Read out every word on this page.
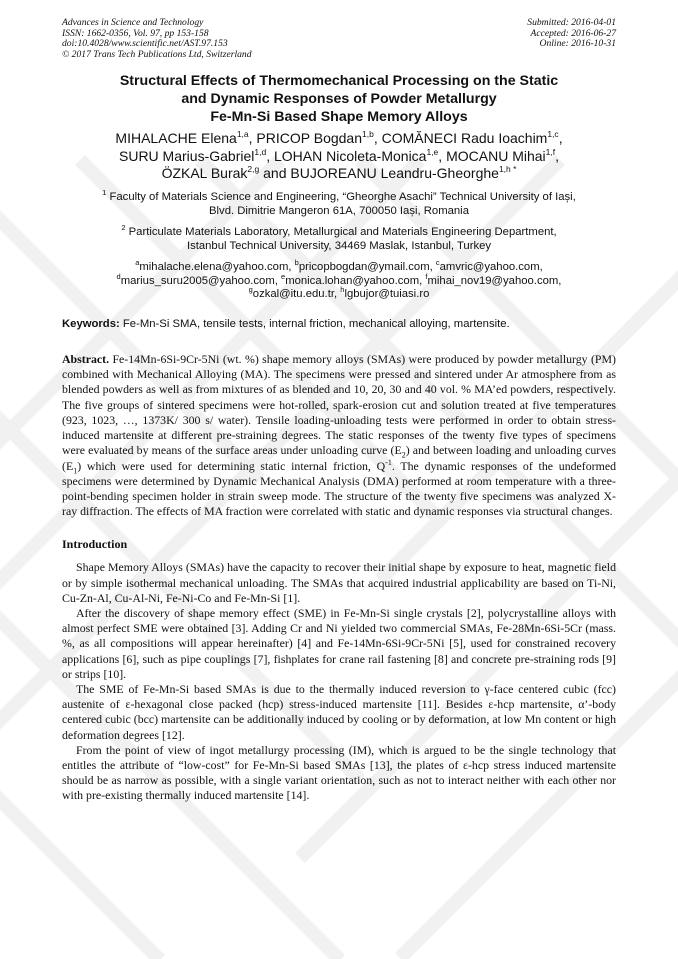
Advances in Science and Technology
ISSN: 1662-0356, Vol. 97, pp 153-158
doi:10.4028/www.scientific.net/AST.97.153
© 2017 Trans Tech Publications Ltd, Switzerland
Submitted: 2016-04-01
Accepted: 2016-06-27
Online: 2016-10-31
Structural Effects of Thermomechanical Processing on the Static
and Dynamic Responses of Powder Metallurgy
Fe-Mn-Si Based Shape Memory Alloys
MIHALACHE Elena$^{1,a}$, PRICOP Bogdan$^{1,b}$, COMĂNECI Radu Ioachim$^{1,c}$,
SURU Marius-Gabriel$^{1,d}$, LOHAN Nicoleta-Monica$^{1,e}$, MOCANU Mihai$^{1,f}$,
ÖZKAL Burak$^{2,g}$ and BUJOREANU Leandru-Gheorghe$^{1,h *}$
$^1$ Faculty of Materials Science and Engineering, “Gheorghe Asachi” Technical University of Iași,
Blvd. Dimitrie Mangeron 61A, 700050 Iași, Romania
$^2$ Particulate Materials Laboratory, Metallurgical and Materials Engineering Department,
Istanbul Technical University, 34469 Maslak, Istanbul, Turkey
$^a$mihalache.elena@yahoo.com, $^b$pricopbogdan@ymail.com, $^c$amvric@yahoo.com,
$^d$marius_suru2005@yahoo.com, $^e$monica.lohan@yahoo.com, $^f$mihai_nov19@yahoo.com,
$^g$ozkal@itu.edu.tr, $^h$lgbujor@tuiasi.ro
Keywords: Fe-Mn-Si SMA, tensile tests, internal friction, mechanical alloying, martensite.
Abstract. Fe-14Mn-6Si-9Cr-5Ni (wt. %) shape memory alloys (SMAs) were produced by powder metallurgy (PM) combined with Mechanical Alloying (MA). The specimens were pressed and sintered under Ar atmosphere from as blended powders as well as from mixtures of as blended and 10, 20, 30 and 40 vol. % MA’ed powders, respectively. The five groups of sintered specimens were hot-rolled, spark-erosion cut and solution treated at five temperatures (923, 1023, …, 1373K/ 300 s/ water). Tensile loading-unloading tests were performed in order to obtain stress-induced martensite at different pre-straining degrees. The static responses of the twenty five types of specimens were evaluated by means of the surface areas under unloading curve $(E_2)$ and between loading and unloading curves $(E_1)$ which were used for determining static internal friction, $Q^{-1}$. The dynamic responses of the undeformed specimens were determined by Dynamic Mechanical Analysis (DMA) performed at room temperature with a three-point-bending specimen holder in strain sweep mode. The structure of the twenty five specimens was analyzed X-ray diffraction. The effects of MA fraction were correlated with static and dynamic responses via structural changes.
Introduction

Shape Memory Alloys (SMAs) have the capacity to recover their initial shape by exposure to heat, magnetic field or by simple isothermal mechanical unloading. The SMAs that acquired industrial applicability are based on Ti-Ni, Cu-Zn-Al, Cu-Al-Ni, Fe-Ni-Co and Fe-Mn-Si [1].

After the discovery of shape memory effect (SME) in Fe-Mn-Si single crystals [2], polycrystalline alloys with almost perfect SME were obtained [3]. Adding Cr and Ni yielded two commercial SMAs, Fe-28Mn-6Si-5Cr (mass. %, as all compositions will appear hereinafter) [4] and Fe-14Mn-6Si-9Cr-5Ni [5], used for constrained recovery applications [6], such as pipe couplings [7], fishplates for crane rail fastening [8] and concrete pre-straining rods [9] or strips [10].

The SME of Fe-Mn-Si based SMAs is due to the thermally induced reversion to γ-face centered cubic (fcc) austenite of ε-hexagonal close packed (hcp) stress-induced martensite [11]. Besides ε-hcp martensite, α’-body centered cubic (bcc) martensite can be additionally induced by cooling or by deformation, at low Mn content or high deformation degrees [12].

From the point of view of ingot metallurgy processing (IM), which is argued to be the single technology that entitles the attribute of “low-cost” for Fe-Mn-Si based SMAs [13], the plates of ε-hcp stress induced martensite should be as narrow as possible, with a single variant orientation, such as not to interact neither with each other nor with pre-existing thermally induced martensite [14].
